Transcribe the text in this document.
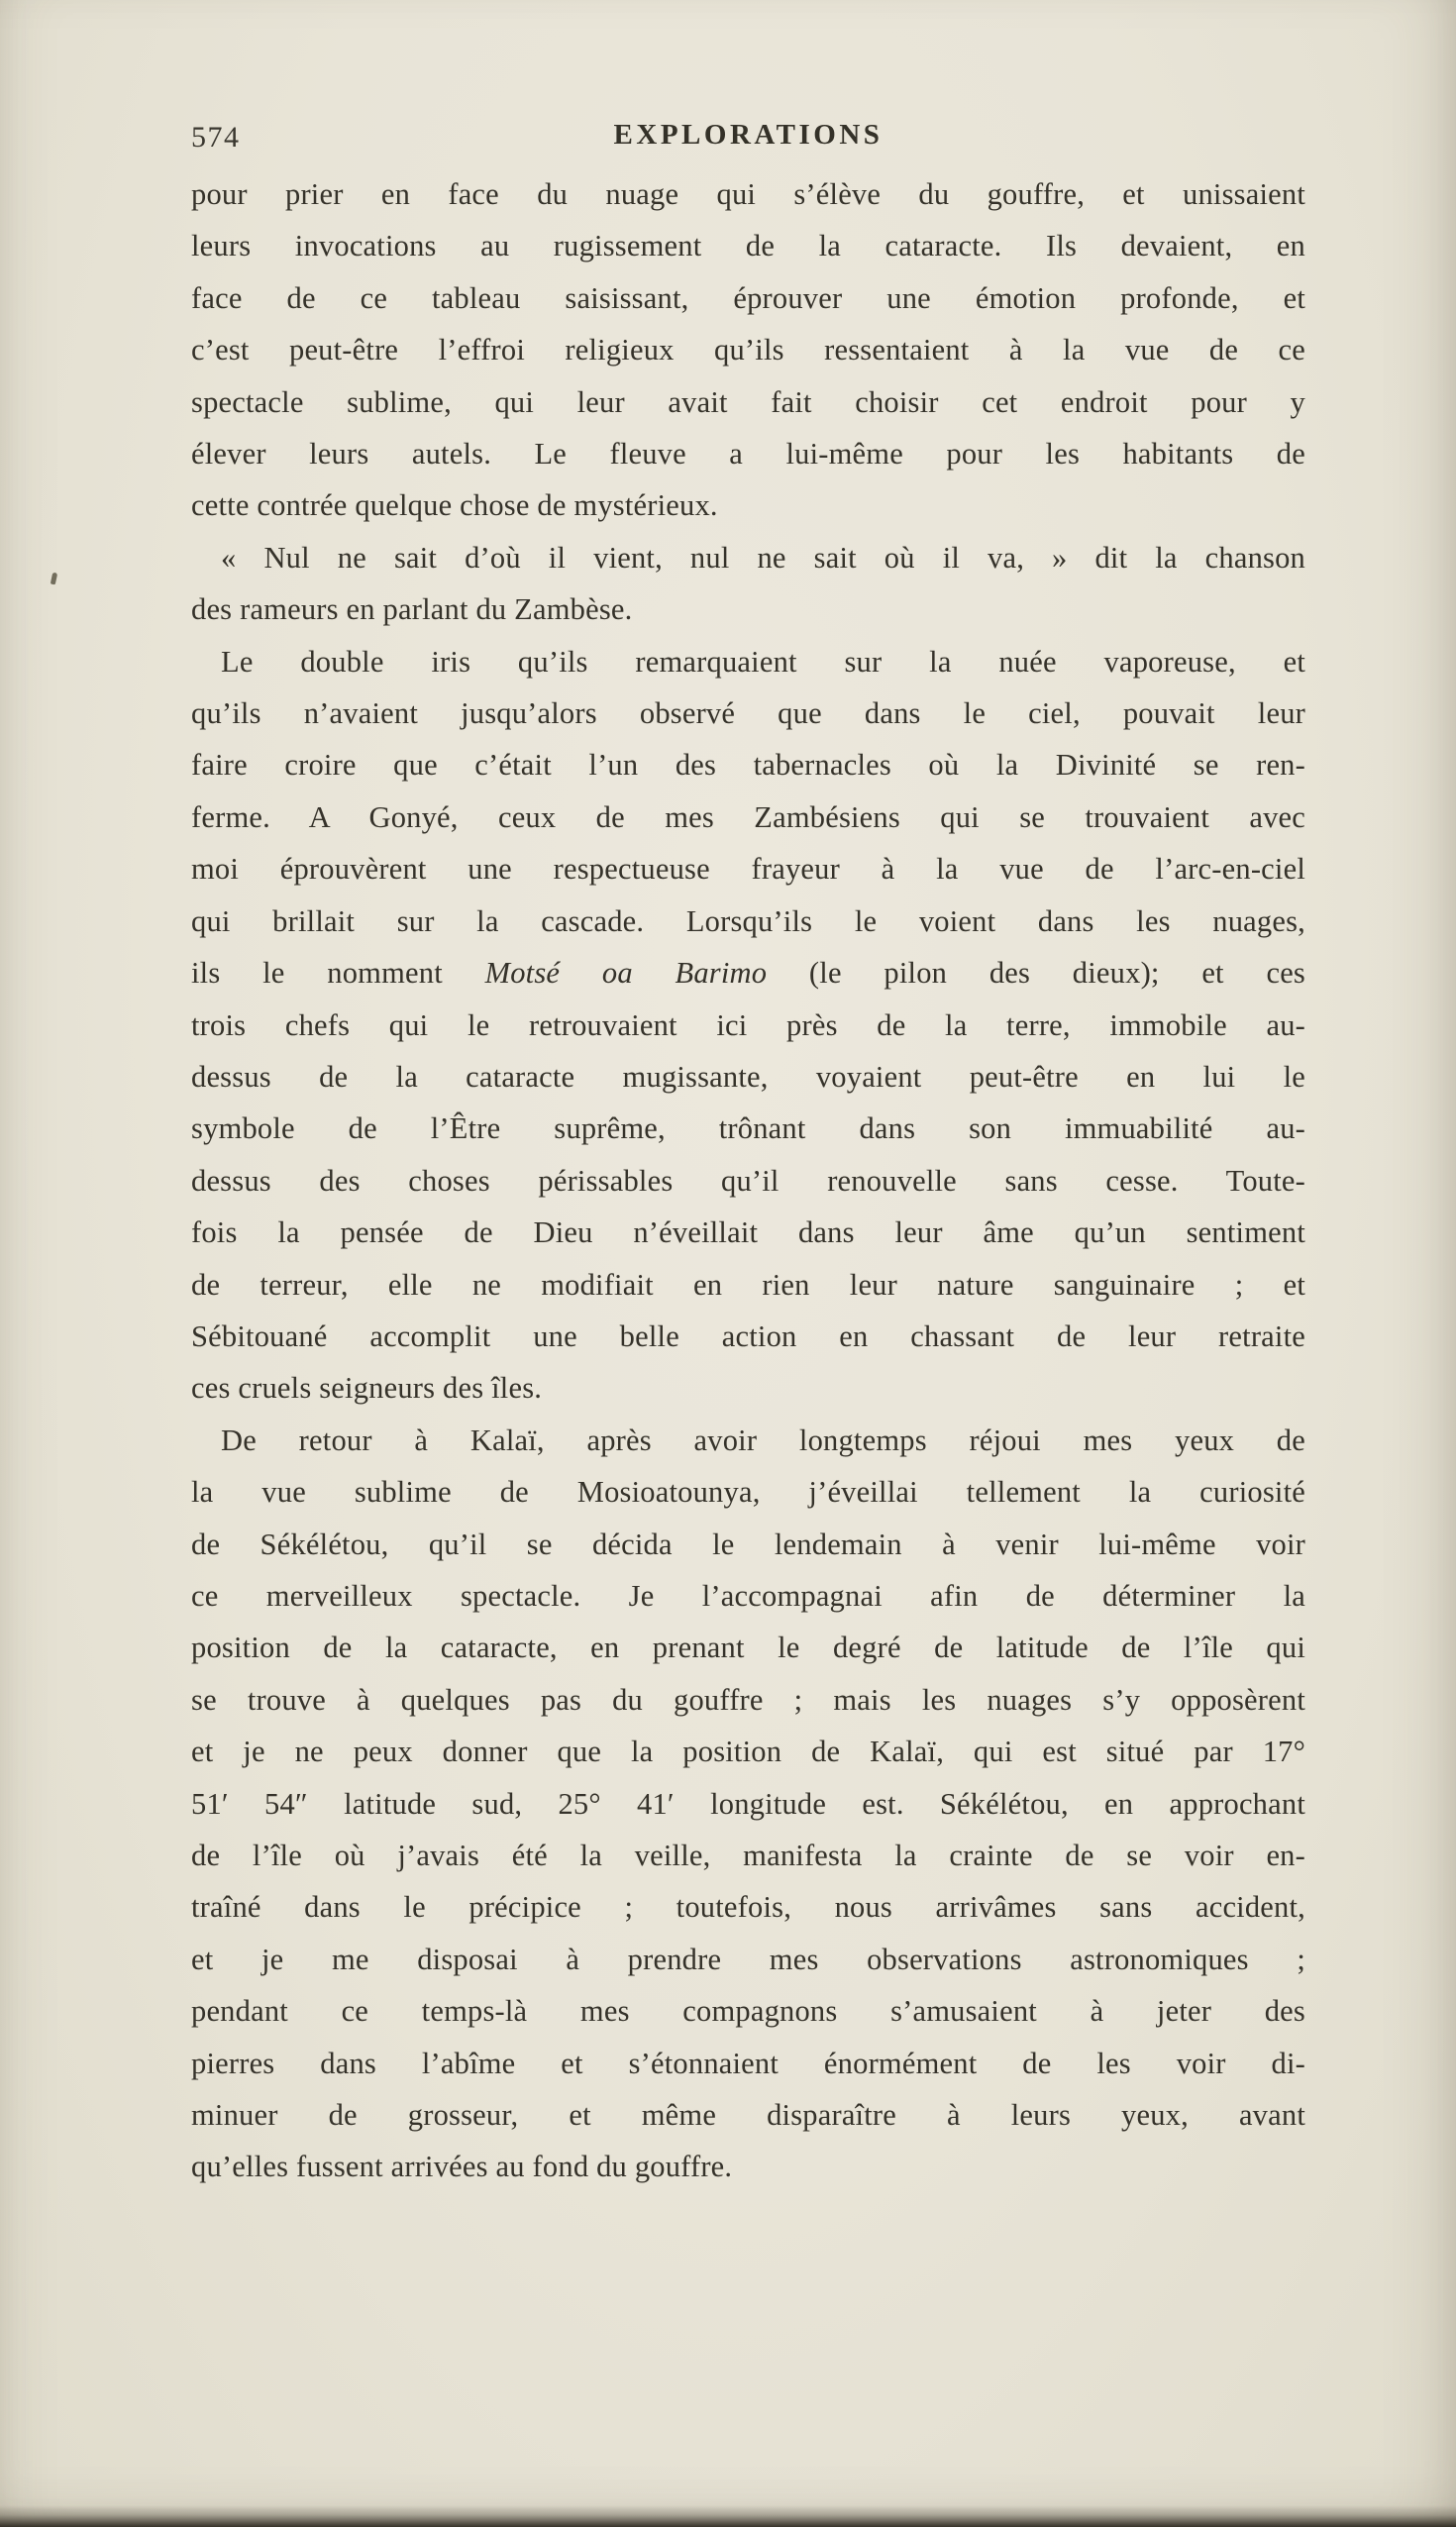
574	EXPLORATIONS
pour prier en face du nuage qui s’élève du gouffre, et unissaient
leurs invocations au rugissement de la cataracte. Ils devaient, en
face de ce tableau saisissant, éprouver une émotion profonde, et
c’est peut-être l’effroi religieux qu’ils ressentaient à la vue de ce
spectacle sublime, qui leur avait fait choisir cet endroit pour y
élever leurs autels. Le fleuve a lui-même pour les habitants de
cette contrée quelque chose de mystérieux.
« Nul ne sait d’où il vient, nul ne sait où il va, » dit la chanson
des rameurs en parlant du Zambèse.
Le double iris qu’ils remarquaient sur la nuée vaporeuse, et
qu’ils n’avaient jusqu’alors observé que dans le ciel, pouvait leur
faire croire que c’était l’un des tabernacles où la Divinité se ren-
ferme. A Gonyé, ceux de mes Zambésiens qui se trouvaient avec
moi éprouvèrent une respectueuse frayeur à la vue de l’arc-en-ciel
qui brillait sur la cascade. Lorsqu’ils le voient dans les nuages,
ils le nomment Motsé oa Barimo (le pilon des dieux); et ces
trois chefs qui le retrouvaient ici près de la terre, immobile au-
dessus de la cataracte mugissante, voyaient peut-être en lui le
symbole de l’Être suprême, trônant dans son immuabilité au-
dessus des choses périssables qu’il renouvelle sans cesse. Toute-
fois la pensée de Dieu n’éveillait dans leur âme qu’un sentiment
de terreur, elle ne modifiait en rien leur nature sanguinaire ; et
Sébitouané accomplit une belle action en chassant de leur retraite
ces cruels seigneurs des îles.
De retour à Kalaï, après avoir longtemps réjoui mes yeux de
la vue sublime de Mosioatounya, j’éveillai tellement la curiosité
de Sékélétou, qu’il se décida le lendemain à venir lui-même voir
ce merveilleux spectacle. Je l’accompagnai afin de déterminer la
position de la cataracte, en prenant le degré de latitude de l’île qui
se trouve à quelques pas du gouffre ; mais les nuages s’y opposèrent
et je ne peux donner que la position de Kalaï, qui est situé par 17°
51′ 54″ latitude sud, 25° 41′ longitude est. Sékélétou, en approchant
de l’île où j’avais été la veille, manifesta la crainte de se voir en-
traîné dans le précipice ; toutefois, nous arrivâmes sans accident,
et je me disposai à prendre mes observations astronomiques ;
pendant ce temps-là mes compagnons s’amusaient à jeter des
pierres dans l’abîme et s’étonnaient énormément de les voir di-
minuer de grosseur, et même disparaître à leurs yeux, avant
qu’elles fussent arrivées au fond du gouffre.
